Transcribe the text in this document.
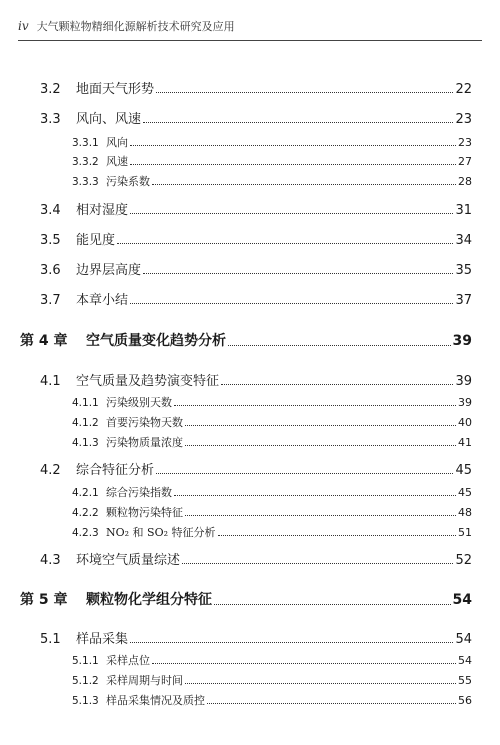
iv 大气颗粒物精细化源解析技术研究及应用
3.2	地面天气形势	22
3.3	风向、风速	23
3.3.1 风向	23
3.3.2 风速	27
3.3.3 污染系数	28
3.4	相对湿度	31
3.5	能见度	34
3.6	边界层高度	35
3.7	本章小结	37
第 4 章	空气质量变化趋势分析	39
4.1	空气质量及趋势演变特征	39
4.1.1 污染级别天数	39
4.1.2 首要污染物天数	40
4.1.3 污染物质量浓度	41
4.2	综合特征分析	45
4.2.1 综合污染指数	45
4.2.2 颗粒物污染特征	48
4.2.3 NO₂ 和 SO₂ 特征分析	51
4.3	环境空气质量综述	52
第 5 章	颗粒物化学组分特征	54
5.1	样品采集	54
5.1.1 采样点位	54
5.1.2 采样周期与时间	55
5.1.3 样品采集情况及质控	56
